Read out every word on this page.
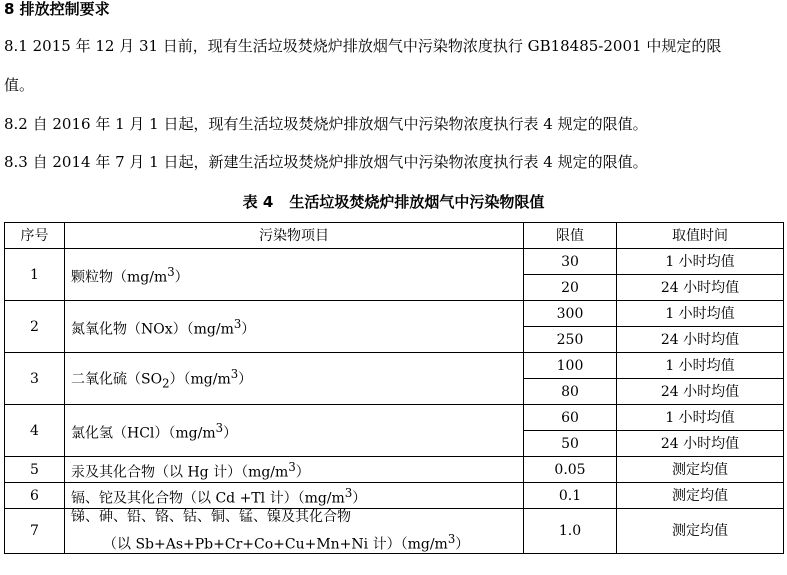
8 排放控制要求
8.1 2015 年 12 月 31 日前，现有生活垃圾焚烧炉排放烟气中污染物浓度执行 GB18485-2001 中规定的限
值。
8.2 自 2016 年 1 月 1 日起，现有生活垃圾焚烧炉排放烟气中污染物浓度执行表 4 规定的限值。
8.3 自 2014 年 7 月 1 日起，新建生活垃圾焚烧炉排放烟气中污染物浓度执行表 4 规定的限值。
表 4 生活垃圾焚烧炉排放烟气中污染物限值
序号	污染物项目	限值	取值时间
1	颗粒物$(mg/m^3)$	30	1 小时均值
		20	24 小时均值
2	氮氧化物$(NOx)(mg/m^3)$	300	1 小时均值
		250	24 小时均值
3	二氧化硫$(SO_2)(mg/m^3)$	100	1 小时均值
		80	24 小时均值
4	氯化氢$(HCl)(mg/m^3)$	60	1 小时均值
		50	24 小时均值
5	汞及其化合物（以 Hg 计）$(mg/m^3)$	0.05	测定均值
6	镉、铊及其化合物（以 Cd +Tl 计）$(mg/m^3)$	0.1	测定均值
7	锑、砷、铅、铬、钴、铜、锰、镍及其化合物
（以 Sb+As+Pb+Cr+Co+Cu+Mn+Ni 计）$(mg/m^3)$	1.0	测定均值
